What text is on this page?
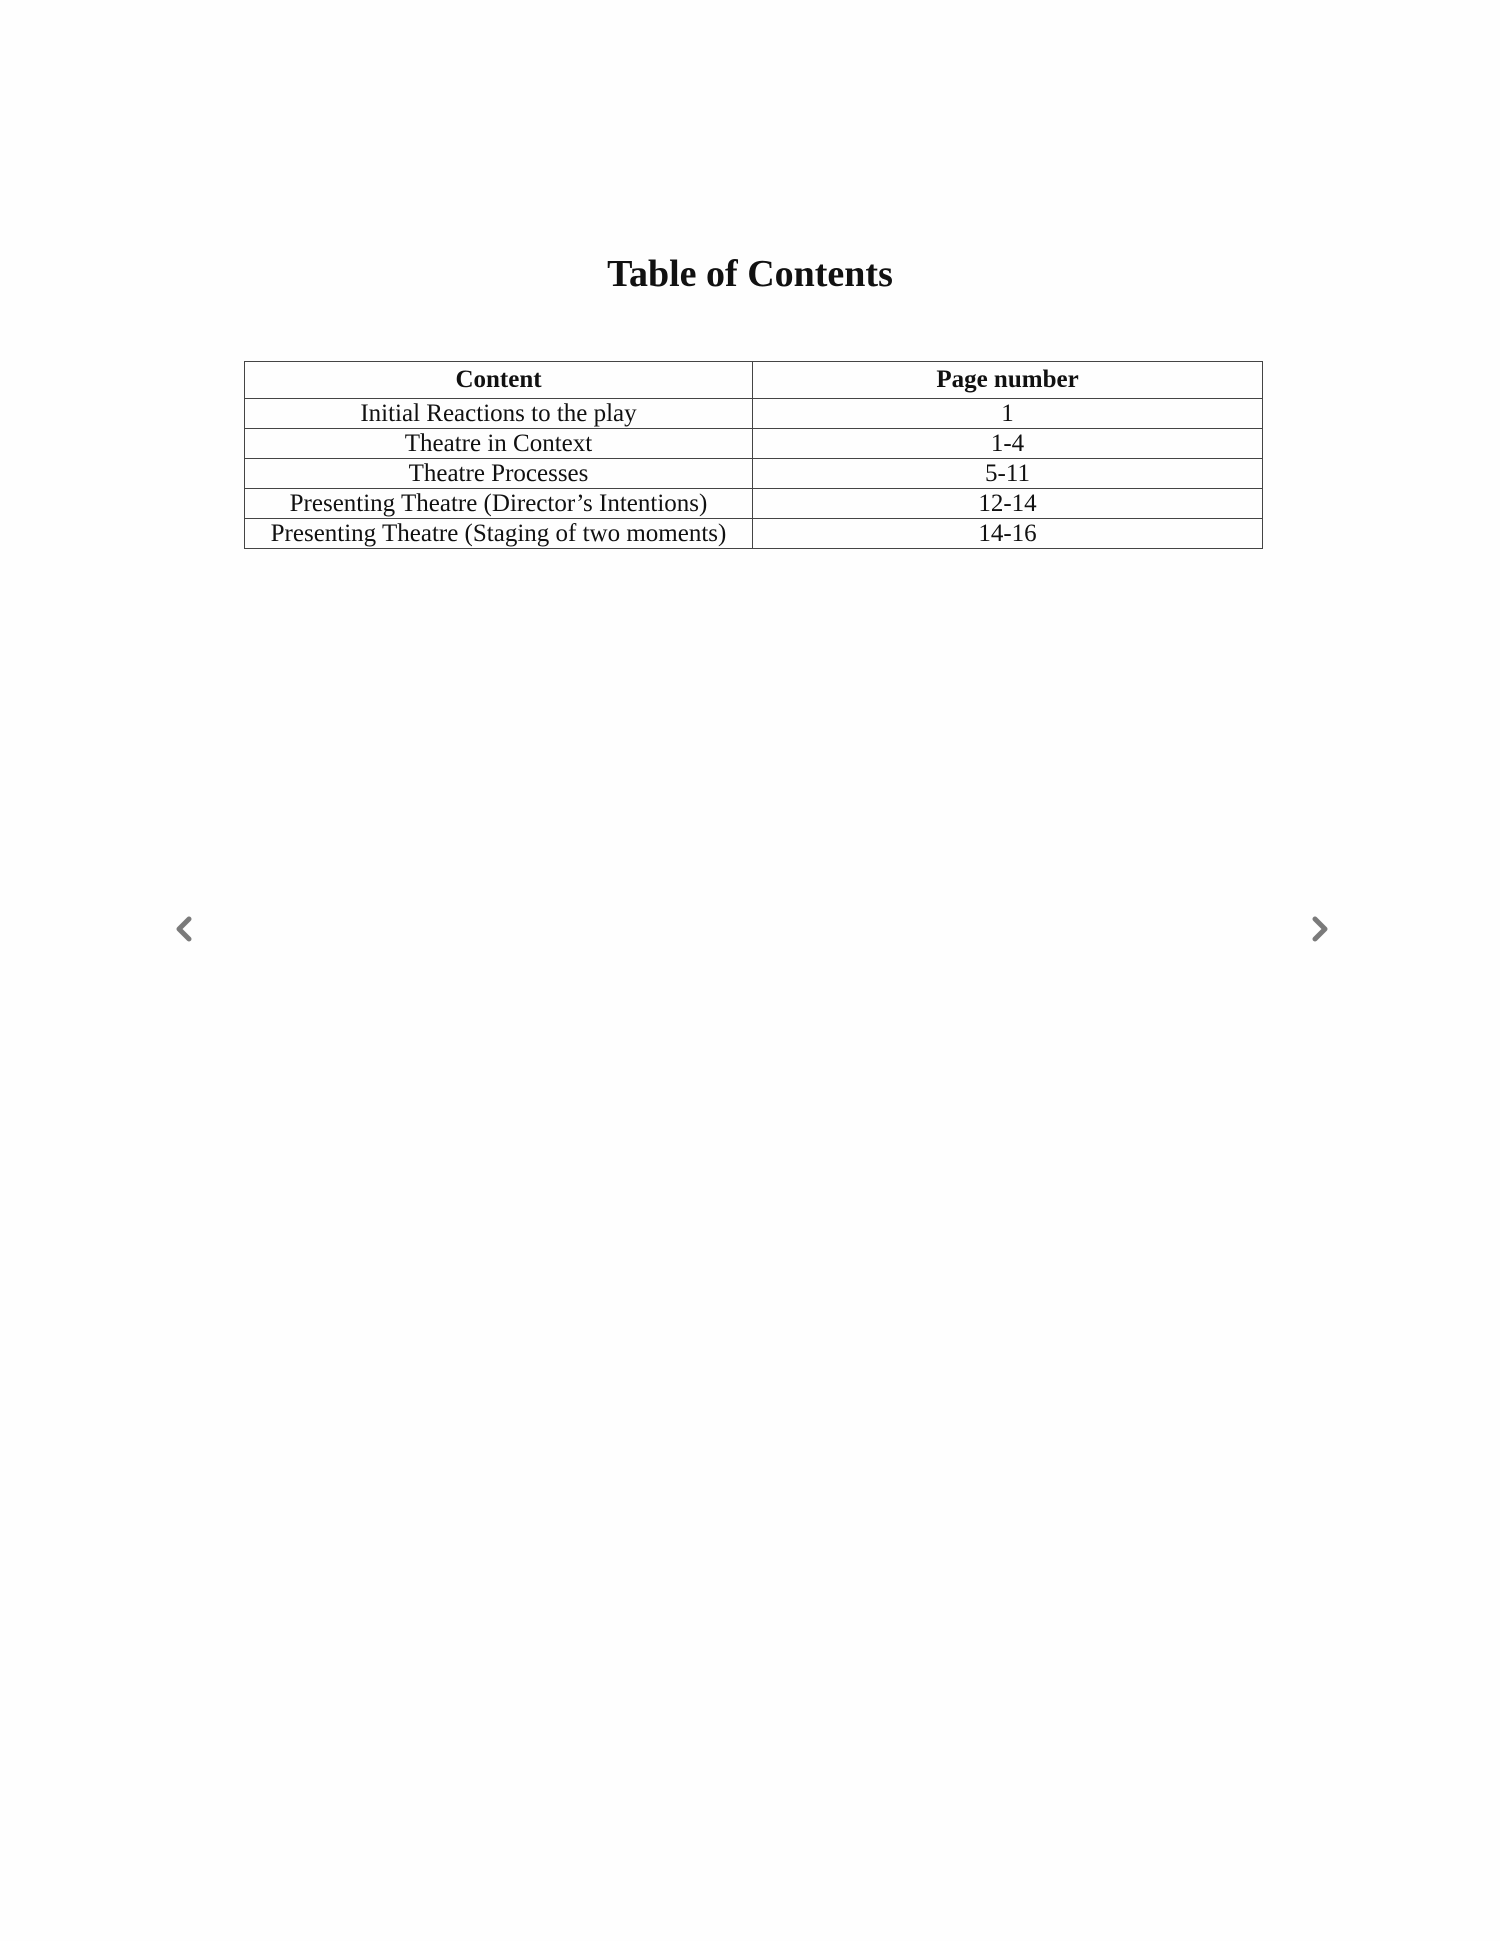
Table of Contents
Content	Page number
Initial Reactions to the play	1
Theatre in Context	1-4
Theatre Processes	5-11
Presenting Theatre (Director’s Intentions)	12-14
Presenting Theatre (Staging of two moments)	14-16
